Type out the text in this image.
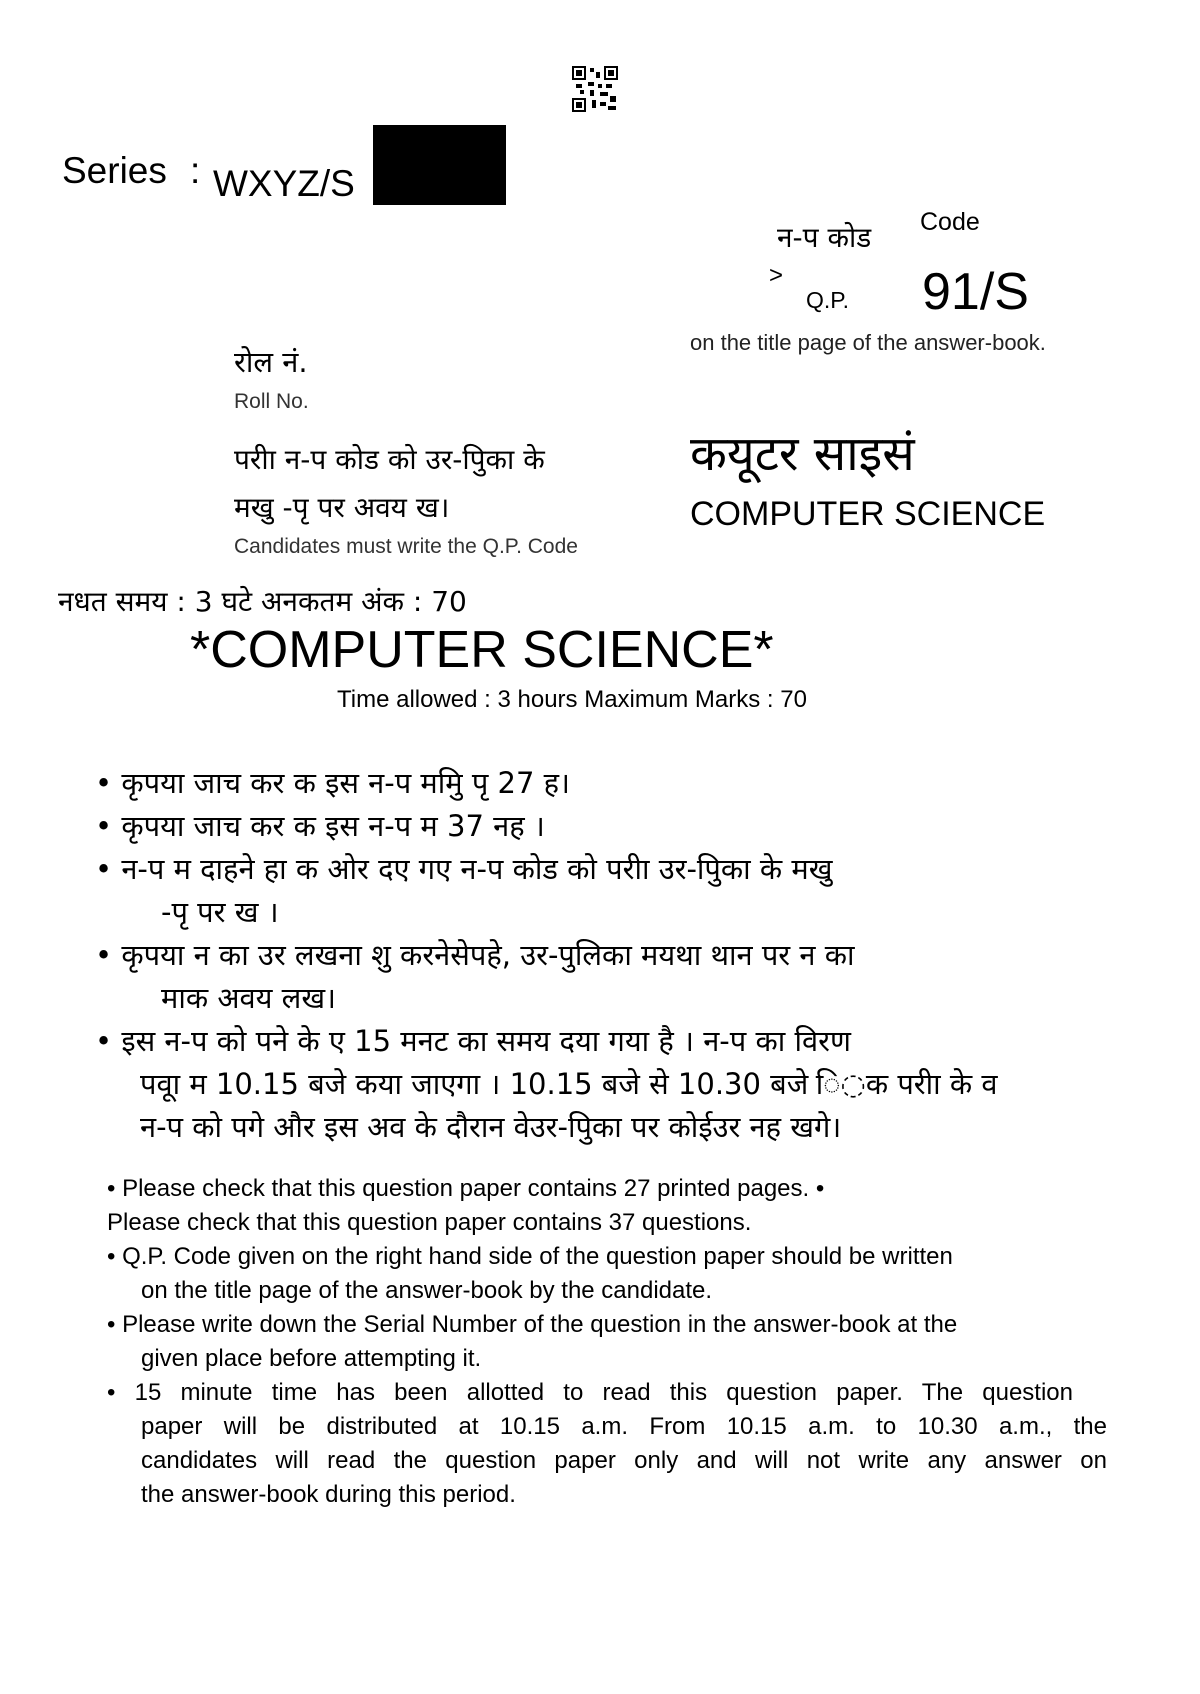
Series : WXYZ/S
न-प कोड Code
>
Q.P. 91/S
on the title page of the answer-book.
रोल नं.
Roll No.
परीा न-प कोड को उर-पुिका के
मखु -पृ पर अवय ख।
Candidates must write the Q.P. Code
कयूटर साइसं
COMPUTER SCIENCE
नधत समय : 3 घटे अनकतम अंक : 70
*COMPUTER SCIENCE*
Time allowed : 3 hours Maximum Marks : 70
• कृपया जाच कर क इस न-प ममुि पृ 27 ह।
• कृपया जाच कर क इस न-प म 37 नह ।
• न-प म दाहने हा क ओर दए गए न-प कोड को परीा उर-पुिका के मखु
-पृ पर ख ।
• कृपया न का उर लखना शु करनेसेपहे, उर-पुलिका मयथा थान पर न का
माक अवय लख।
• इस न-प को पने के ए 15 मनट का समय दया गया है । न-प का विरण
पवूा म 10.15 बजे कया जाएगा । 10.15 बजे से 10.30 बजे ि◌क परीा के व
न-प को पगे और इस अव के दौरान वेउर-पुिका पर कोईउर नह खगे।
• Please check that this question paper contains 27 printed pages. •
Please check that this question paper contains 37 questions.
• Q.P. Code given on the right hand side of the question paper should be written
on the title page of the answer-book by the candidate.
• Please write down the Serial Number of the question in the answer-book at the
given place before attempting it.
• 15 minute time has been allotted to read this question paper. The question
paper will be distributed at 10.15 a.m. From 10.15 a.m. to 10.30 a.m., the
candidates will read the question paper only and will not write any answer on
the answer-book during this period.
